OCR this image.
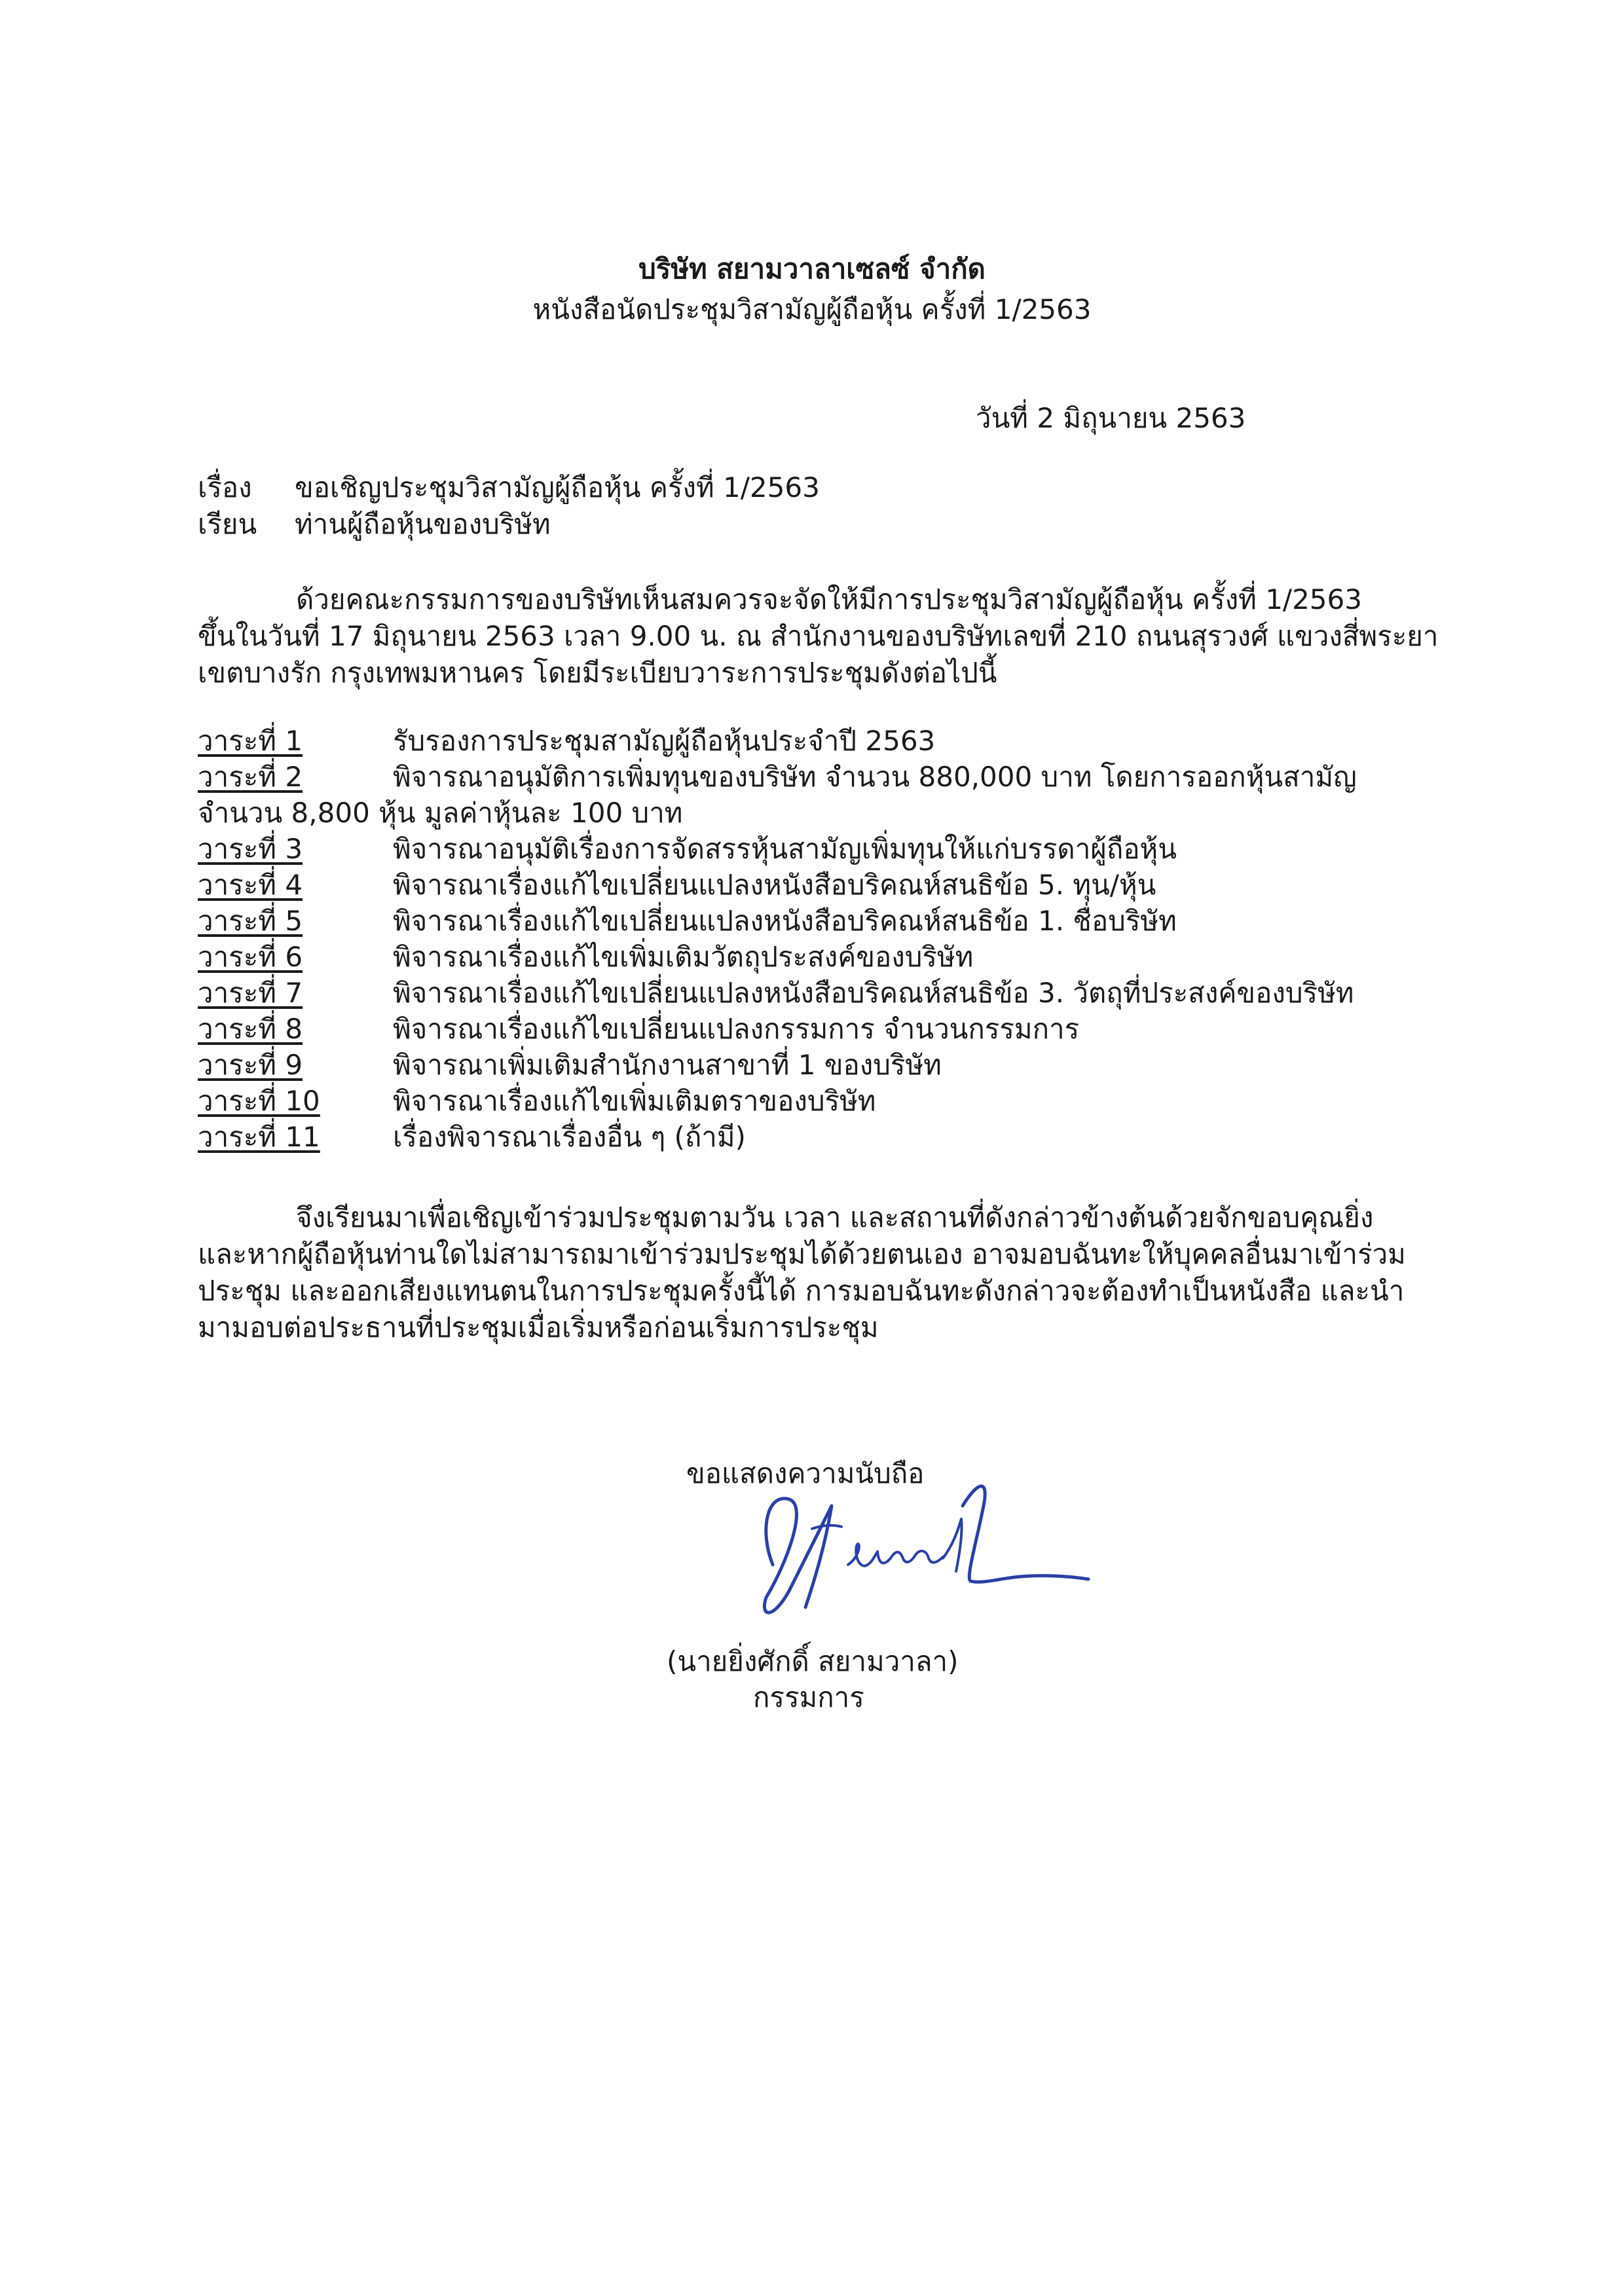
บริษัท สยามวาลาเซลซ์ จำกัด
หนังสือนัดประชุมวิสามัญผู้ถือหุ้น ครั้งที่ 1/2563
วันที่ 2 มิถุนายน 2563
เรื่อง ขอเชิญประชุมวิสามัญผู้ถือหุ้น ครั้งที่ 1/2563
เรียน ท่านผู้ถือหุ้นของบริษัท
ด้วยคณะกรรมการของบริษัทเห็นสมควรจะจัดให้มีการประชุมวิสามัญผู้ถือหุ้น ครั้งที่ 1/2563
ขึ้นในวันที่ 17 มิถุนายน 2563 เวลา 9.00 น. ณ สำนักงานของบริษัทเลขที่ 210 ถนนสุรวงศ์ แขวงสี่พระยา
เขตบางรัก กรุงเทพมหานคร โดยมีระเบียบวาระการประชุมดังต่อไปนี้
วาระที่ 1	รับรองการประชุมสามัญผู้ถือหุ้นประจำปี 2563
วาระที่ 2	พิจารณาอนุมัติการเพิ่มทุนของบริษัท จำนวน 880,000 บาท โดยการออกหุ้นสามัญ
จำนวน 8,800 หุ้น มูลค่าหุ้นละ 100 บาท
วาระที่ 3	พิจารณาอนุมัติเรื่องการจัดสรรหุ้นสามัญเพิ่มทุนให้แก่บรรดาผู้ถือหุ้น
วาระที่ 4	พิจารณาเรื่องแก้ไขเปลี่ยนแปลงหนังสือบริคณห์สนธิข้อ 5. ทุน/หุ้น
วาระที่ 5	พิจารณาเรื่องแก้ไขเปลี่ยนแปลงหนังสือบริคณห์สนธิข้อ 1. ชื่อบริษัท
วาระที่ 6	พิจารณาเรื่องแก้ไขเพิ่มเติมวัตถุประสงค์ของบริษัท
วาระที่ 7	พิจารณาเรื่องแก้ไขเปลี่ยนแปลงหนังสือบริคณห์สนธิข้อ 3. วัตถุที่ประสงค์ของบริษัท
วาระที่ 8	พิจารณาเรื่องแก้ไขเปลี่ยนแปลงกรรมการ จำนวนกรรมการ
วาระที่ 9	พิจารณาเพิ่มเติมสำนักงานสาขาที่ 1 ของบริษัท
วาระที่ 10	พิจารณาเรื่องแก้ไขเพิ่มเติมตราของบริษัท
วาระที่ 11	เรื่องพิจารณาเรื่องอื่น ๆ (ถ้ามี)
จึงเรียนมาเพื่อเชิญเข้าร่วมประชุมตามวัน เวลา และสถานที่ดังกล่าวข้างต้นด้วยจักขอบคุณยิ่ง
และหากผู้ถือหุ้นท่านใดไม่สามารถมาเข้าร่วมประชุมได้ด้วยตนเอง อาจมอบฉันทะให้บุคคลอื่นมาเข้าร่วม
ประชุม และออกเสียงแทนตนในการประชุมครั้งนี้ได้ การมอบฉันทะดังกล่าวจะต้องทำเป็นหนังสือ และนำ
มามอบต่อประธานที่ประชุมเมื่อเริ่มหรือก่อนเริ่มการประชุม
ขอแสดงความนับถือ
(นายยิ่งศักดิ์ สยามวาลา)
กรรมการ
